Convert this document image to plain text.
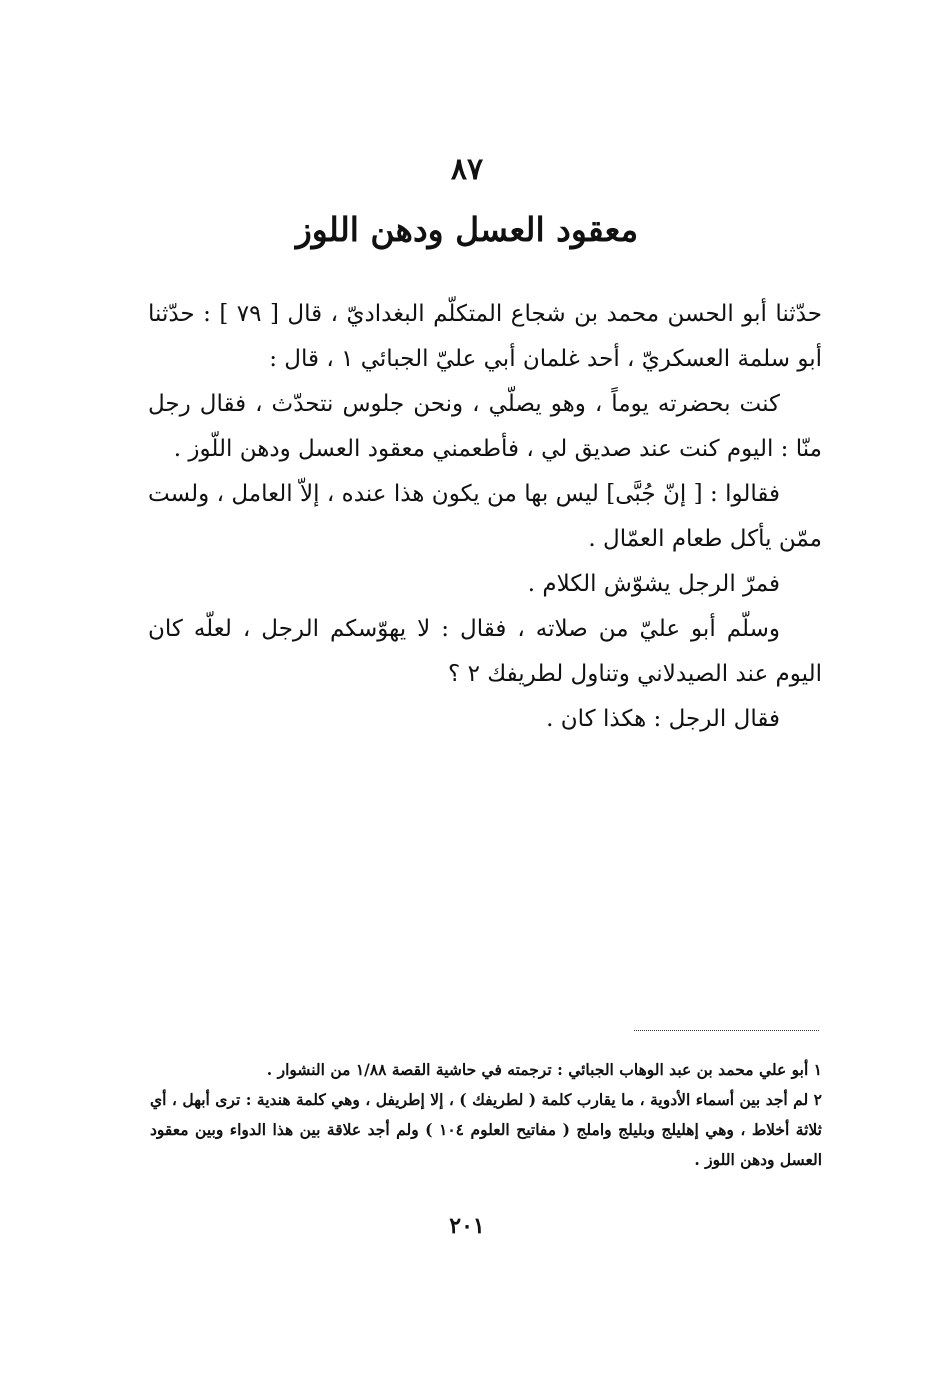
٨٧
معقود العسل ودهن اللوز

حدّثنا أبو الحسن محمد بن شجاع المتكلّم البغداديّ ، قال [ ٧٩ ] : حدّثنا أبو سلمة العسكريّ ، أحد غلمان أبي عليّ الجبائي ١ ، قال :

كنت بحضرته يوماً ، وهو يصلّي ، ونحن جلوس نتحدّث ، فقال رجل منّا : اليوم كنت عند صديق لي ، فأطعمني معقود العسل ودهن اللّوز .

فقالوا : [ إنّ جُبَّى] ليس بها من يكون هذا عنده ، إلاّ العامل ، ولست ممّن يأكل طعام العمّال .

فمرّ الرجل يشوّش الكلام .

وسلّم أبو عليّ من صلاته ، فقال : لا يهوّسكم الرجل ، لعلّه كان اليوم عند الصيدلاني وتناول لطريفك ٢ ؟

فقال الرجل : هكذا كان .

١ أبو علي محمد بن عبد الوهاب الجبائي : ترجمته في حاشية القصة ١/٨٨ من النشوار .

٢ لم أجد بين أسماء الأدوية ، ما يقارب كلمة ( لطريفك ) ، إلا إطريفل ، وهي كلمة هندية : ترى أبهل ، أي ثلاثة أخلاط ، وهي إهليلج وبليلج واملج ( مفاتيح العلوم ١٠٤ ) ولم أجد علاقة بين هذا الدواء وبين معقود العسل ودهن اللوز .

٢٠١
